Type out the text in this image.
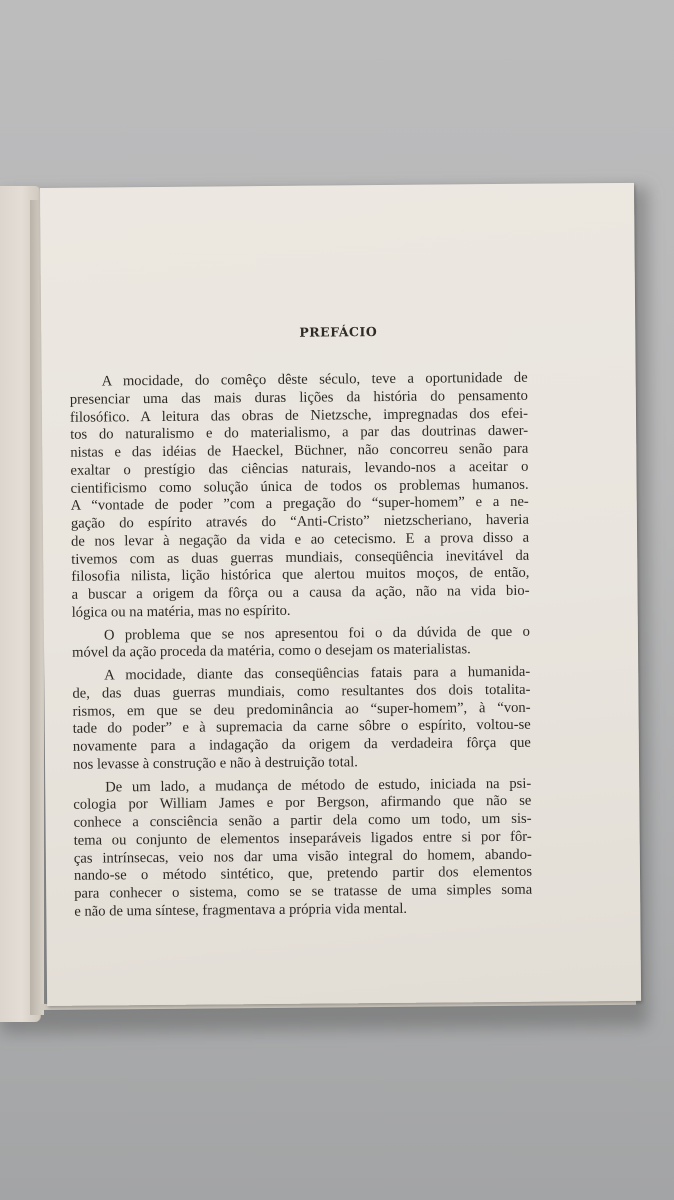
PREFÁCIO
A mocidade, do comêço dêste século, teve a oportunidade de
presenciar uma das mais duras lições da história do pensamento
filosófico. A leitura das obras de Nietzsche, impregnadas dos efei-
tos do naturalismo e do materialismo, a par das doutrinas dawer-
nistas e das idéias de Haeckel, Büchner, não concorreu senão para
exaltar o prestígio das ciências naturais, levando-nos a aceitar o
cientificismo como solução única de todos os problemas humanos.
A “vontade de poder ”com a pregação do “super-homem” e a ne-
gação do espírito através do “Anti-Cristo” nietzscheriano, haveria
de nos levar à negação da vida e ao cetecismo. E a prova disso a
tivemos com as duas guerras mundiais, conseqüência inevitável da
filosofia nilista, lição histórica que alertou muitos moços, de então,
a buscar a origem da fôrça ou a causa da ação, não na vida bio-
lógica ou na matéria, mas no espírito.
O problema que se nos apresentou foi o da dúvida de que o
móvel da ação proceda da matéria, como o desejam os materialistas.
A mocidade, diante das conseqüências fatais para a humanida-
de, das duas guerras mundiais, como resultantes dos dois totalita-
rismos, em que se deu predominância ao “super-homem”, à “von-
tade do poder” e à supremacia da carne sôbre o espírito, voltou-se
novamente para a indagação da origem da verdadeira fôrça que
nos levasse à construção e não à destruição total.
De um lado, a mudança de método de estudo, iniciada na psi-
cologia por William James e por Bergson, afirmando que não se
conhece a consciência senão a partir dela como um todo, um sis-
tema ou conjunto de elementos inseparáveis ligados entre si por fôr-
ças intrínsecas, veio nos dar uma visão integral do homem, abando-
nando-se o método sintético, que, pretendo partir dos elementos
para conhecer o sistema, como se se tratasse de uma simples soma
e não de uma síntese, fragmentava a própria vida mental.
